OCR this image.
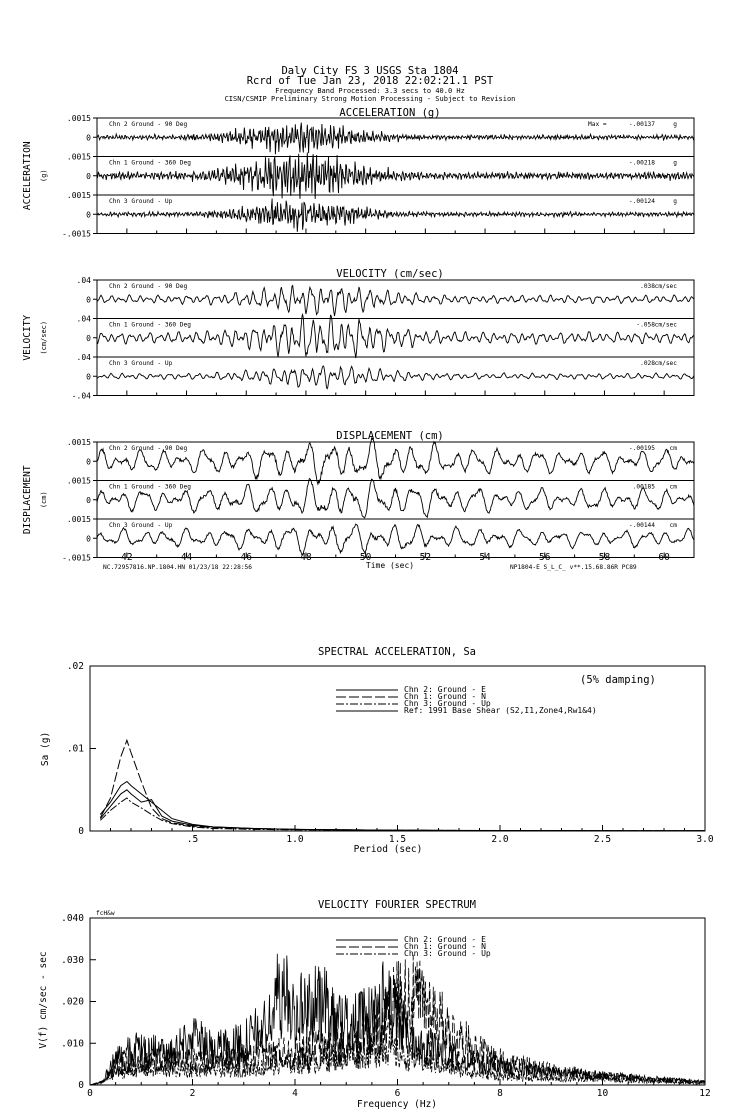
Daly City FS 3 USGS Sta 1804
Rcrd of Tue Jan 23, 2018 22:02:21.1 PST
Frequency Band Processed: 3.3 secs to 40.0 Hz
CISN/CSMIP Preliminary Strong Motion Processing - Subject to Revision
ACCELERATION (g)
ACCELERATION (g)
.0015
0
Chn 2 Ground - 90 Deg	Max =	-.00137	g
.0015
0
Chn 1 Ground - 360 Deg	-.00218	g
.0015
0
-.0015
Chn 3 Ground - Up	-.00124	g
VELOCITY (cm/sec)
VELOCITY (cm/sec)
.04
0
Chn 2 Ground - 90 Deg	.038 cm/sec
.04
0
Chn 1 Ground - 360 Deg	-.058 cm/sec
.04
0
-.04
Chn 3 Ground - Up	.028 cm/sec
DISPLACEMENT (cm)
DISPLACEMENT (cm)
.0015
0
Chn 2 Ground - 90 Deg	-.00195 cm
.0015
0
Chn 1 Ground - 360 Deg	.00185 cm
.0015
0
-.0015
Chn 3 Ground - Up	-.00144 cm
42	44	46	48	50	52	54	56	58	60
Time (sec)
NC.72957816.NP.1804.HN 01/23/18 22:28:56	NP1804-E S_L_C_ v**.15.68.86R PC89
SPECTRAL ACCELERATION, Sa
.02
.01
0
.5	1.0	1.5	2.0	2.5	3.0
Sa (g)
Period (sec)
(5% damping)
Chn 2: Ground - E
Chn 1: Ground - N
Chn 3: Ground - Up
Ref: 1991 Base Shear (S2,I1,Zone4,Rw1&4)
VELOCITY FOURIER SPECTRUM
fcH&w
.040
.030
.020
.010
0
0	2	4	6	8	10	12
V(f) cm/sec - sec
Frequency (Hz)
Chn 2: Ground - E
Chn 1: Ground - N
Chn 3: Ground - Up
